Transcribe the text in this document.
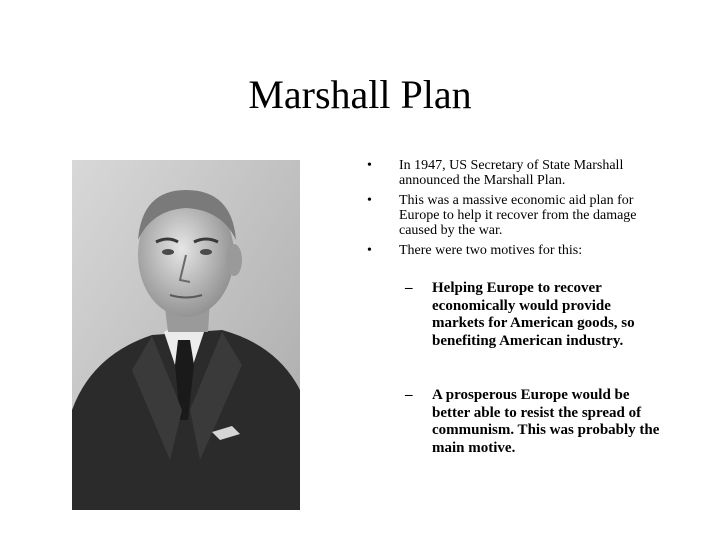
Marshall Plan
•	In 1947, US Secretary of State Marshall announced the Marshall Plan.
•	This was a massive economic aid plan for Europe to help it recover from the damage caused by the war.
•	There were two motives for this:
– Helping Europe to recover economically would provide markets for American goods, so benefiting American industry.
– A prosperous Europe would be better able to resist the spread of communism. This was probably the main motive.
